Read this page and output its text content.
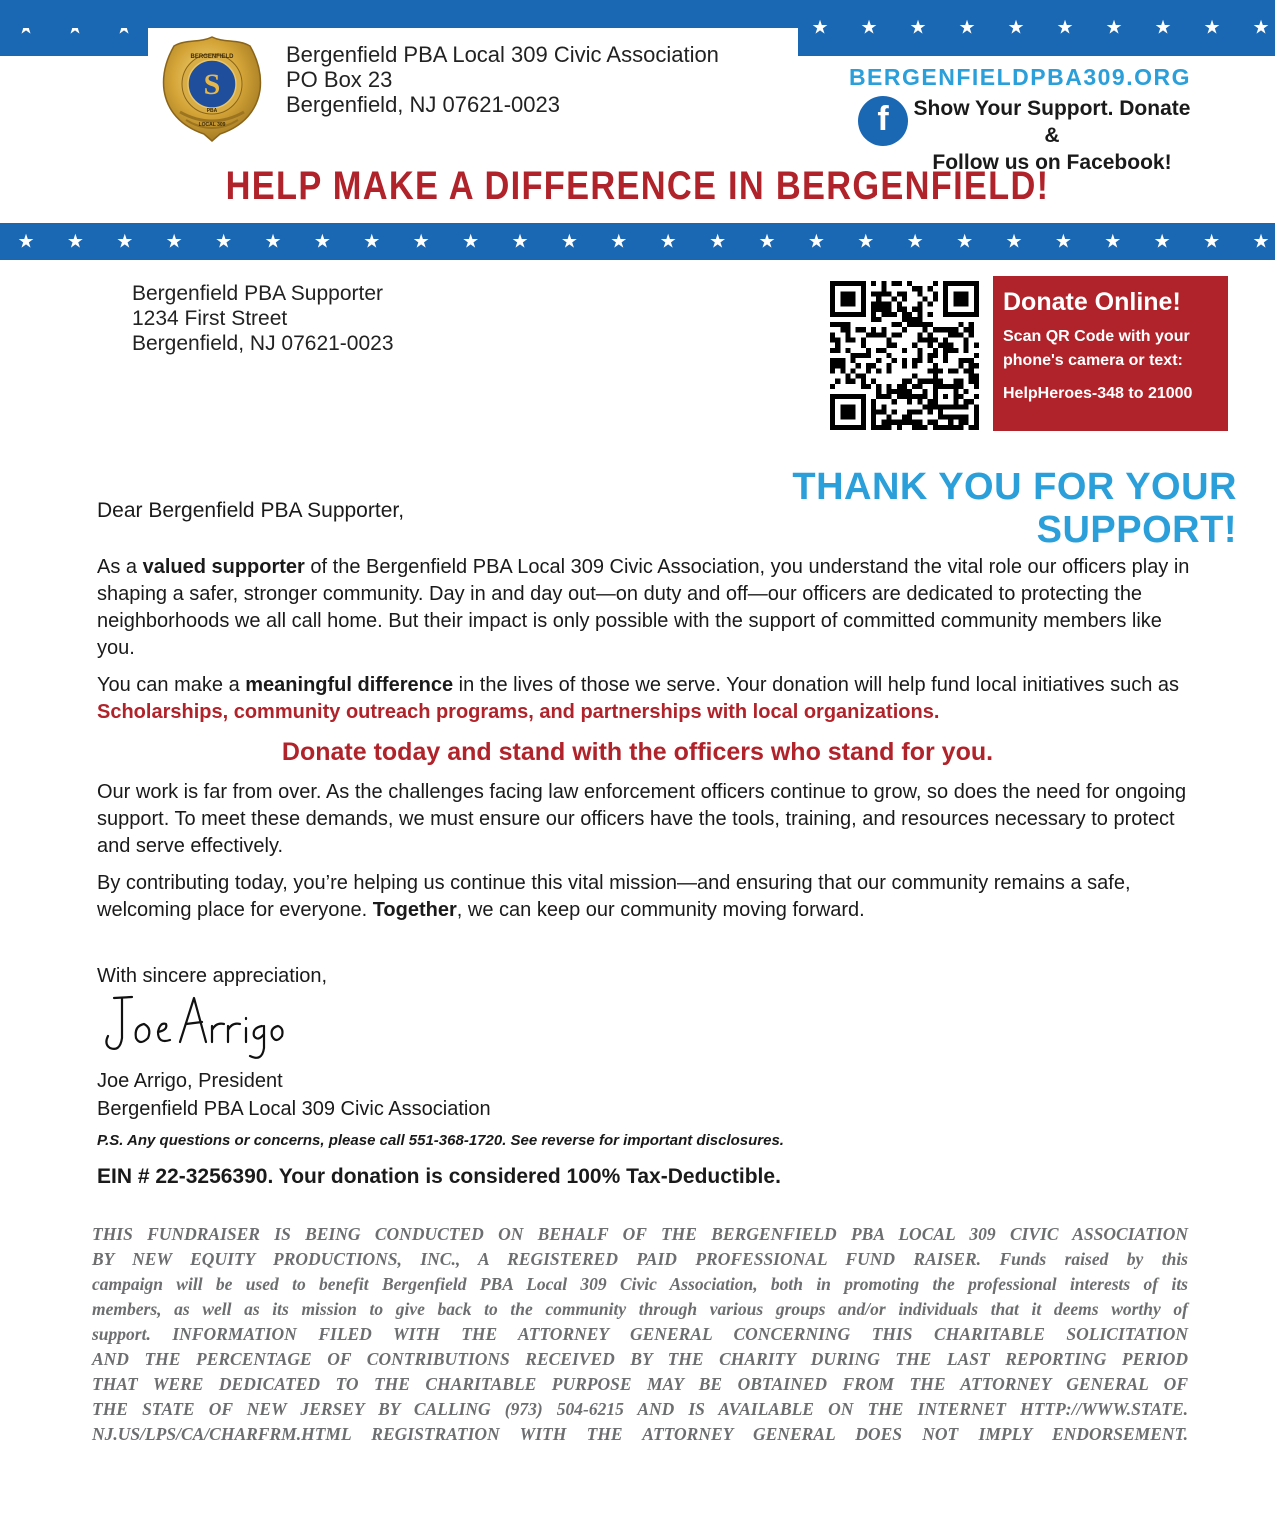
★ ★ ★ ★ ★ ★ ★ ★ ★ ★
S
BERGENFIELD
PBA
LOCAL 309
Bergenfield PBA Local 309 Civic Association
PO Box 23
Bergenfield, NJ 07621-0023
BERGENFIELDPBA309.ORG
f	Show Your Support. Donate &
Follow us on Facebook!
HELP MAKE A DIFFERENCE IN BERGENFIELD!
★ ★ ★ ★ ★ ★ ★ ★ ★ ★ ★ ★ ★ ★ ★ ★ ★ ★ ★ ★ ★ ★ ★ ★ ★ ★
Bergenfield PBA Supporter
1234 First Street
Bergenfield, NJ 07621-0023
Donate Online!
Scan QR Code with your
phone's camera or text:
HelpHeroes-348 to 21000
THANK YOU FOR YOUR SUPPORT!
Dear Bergenfield PBA Supporter,
As a valued supporter of the Bergenfield PBA Local 309 Civic Association, you understand the vital role our officers play in shaping a safer, stronger community. Day in and day out—on duty and off—our officers are dedicated to protecting the neighborhoods we all call home. But their impact is only possible with the support of committed community members like you.
You can make a meaningful difference in the lives of those we serve. Your donation will help fund local initiatives such as Scholarships, community outreach programs, and partnerships with local organizations.
Donate today and stand with the officers who stand for you.
Our work is far from over. As the challenges facing law enforcement officers continue to grow, so does the need for ongoing support. To meet these demands, we must ensure our officers have the tools, training, and resources necessary to protect and serve effectively.
By contributing today, you’re helping us continue this vital mission—and ensuring that our community remains a safe, welcoming place for everyone. Together, we can keep our community moving forward.
With sincere appreciation,
Joe Arrigo
Joe Arrigo, President
Bergenfield PBA Local 309 Civic Association
P.S. Any questions or concerns, please call 551-368-1720. See reverse for important disclosures.
EIN # 22-3256390. Your donation is considered 100% Tax-Deductible.
THIS FUNDRAISER IS BEING CONDUCTED ON BEHALF OF THE BERGENFIELD PBA LOCAL 309 CIVIC ASSOCIATION
BY NEW EQUITY PRODUCTIONS, INC., A REGISTERED PAID PROFESSIONAL FUND RAISER. Funds raised by this
campaign will be used to benefit Bergenfield PBA Local 309 Civic Association, both in promoting the professional interests of its
members, as well as its mission to give back to the community through various groups and/or individuals that it deems worthy of
support. INFORMATION FILED WITH THE ATTORNEY GENERAL CONCERNING THIS CHARITABLE SOLICITATION
AND THE PERCENTAGE OF CONTRIBUTIONS RECEIVED BY THE CHARITY DURING THE LAST REPORTING PERIOD
THAT WERE DEDICATED TO THE CHARITABLE PURPOSE MAY BE OBTAINED FROM THE ATTORNEY GENERAL OF
THE STATE OF NEW JERSEY BY CALLING (973) 504-6215 AND IS AVAILABLE ON THE INTERNET HTTP://WWW.STATE.
NJ.US/LPS/CA/CHARFRM.HTML REGISTRATION WITH THE ATTORNEY GENERAL DOES NOT IMPLY ENDORSEMENT.
